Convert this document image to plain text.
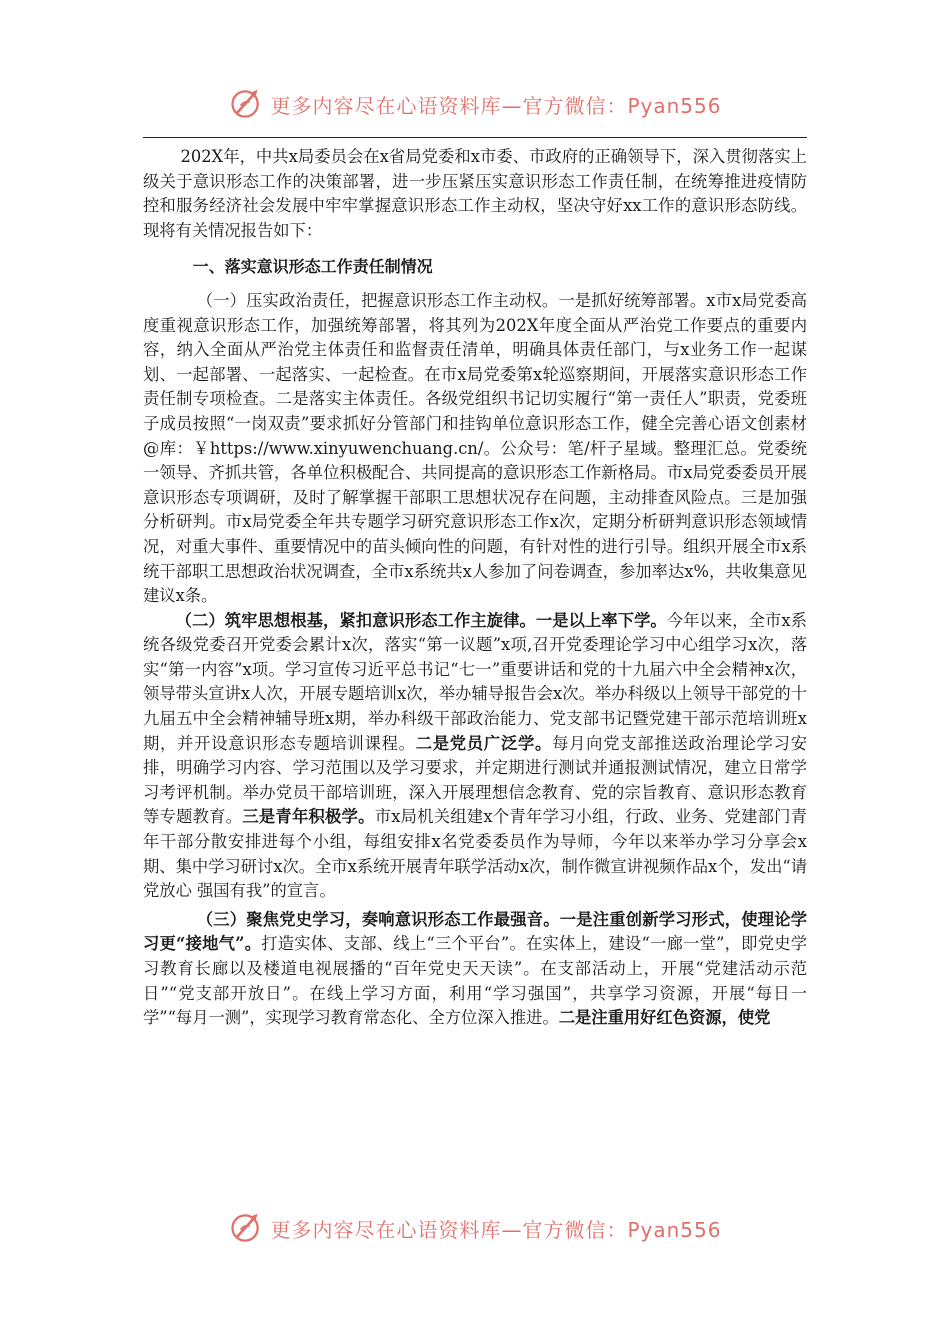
更多内容尽在心语资料库—官方微信：Pyan556

202X年，中共x局委员会在x省局党委和x市委、市政府的正确领导下，深入贯彻落实上级关于意识形态工作的决策部署，进一步压紧压实意识形态工作责任制，在统筹推进疫情防控和服务经济社会发展中牢牢掌握意识形态工作主动权，坚决守好xx工作的意识形态防线。现将有关情况报告如下：

一、落实意识形态工作责任制情况

（一）压实政治责任，把握意识形态工作主动权。一是抓好统筹部署。x市x局党委高度重视意识形态工作，加强统筹部署，将其列为202X年度全面从严治党工作要点的重要内容，纳入全面从严治党主体责任和监督责任清单，明确具体责任部门，与x业务工作一起谋划、一起部署、一起落实、一起检查。在市x局党委第x轮巡察期间，开展落实意识形态工作责任制专项检查。二是落实主体责任。各级党组织书记切实履行“第一责任人”职责，党委班子成员按照“一岗双责”要求抓好分管部门和挂钩单位意识形态工作，健全完善心语文创素材@库：￥https://www.xinyuwenchuang.cn/。公众号：笔/杆子星域。整理汇总。党委统一领导、齐抓共管，各单位积极配合、共同提高的意识形态工作新格局。市x局党委委员开展意识形态专项调研，及时了解掌握干部职工思想状况存在问题，主动排查风险点。三是加强分析研判。市x局党委全年共专题学习研究意识形态工作x次，定期分析研判意识形态领域情况，对重大事件、重要情况中的苗头倾向性的问题，有针对性的进行引导。组织开展全市x系统干部职工思想政治状况调查，全市x系统共x人参加了问卷调查，参加率达x%，共收集意见建议x条。

（二）筑牢思想根基，紧扣意识形态工作主旋律。一是以上率下学。今年以来，全市x系统各级党委召开党委会累计x次，落实“第一议题”x项,召开党委理论学习中心组学习x次，落实“第一内容”x项。学习宣传习近平总书记“七一”重要讲话和党的十九届六中全会精神x次，领导带头宣讲x人次，开展专题培训x次，举办辅导报告会x次。举办科级以上领导干部党的十九届五中全会精神辅导班x期，举办科级干部政治能力、党支部书记暨党建干部示范培训班x期，并开设意识形态专题培训课程。二是党员广泛学。每月向党支部推送政治理论学习安排，明确学习内容、学习范围以及学习要求，并定期进行测试并通报测试情况，建立日常学习考评机制。举办党员干部培训班，深入开展理想信念教育、党的宗旨教育、意识形态教育等专题教育。三是青年积极学。市x局机关组建x个青年学习小组，行政、业务、党建部门青年干部分散安排进每个小组，每组安排x名党委委员作为导师，今年以来举办学习分享会x期、集中学习研讨x次。全市x系统开展青年联学活动x次，制作微宣讲视频作品x个，发出“请党放心 强国有我”的宣言。

（三）聚焦党史学习，奏响意识形态工作最强音。一是注重创新学习形式，使理论学习更“接地气”。打造实体、支部、线上“三个平台”。在实体上，建设“一廊一堂”，即党史学习教育长廊以及楼道电视展播的“百年党史天天读”。在支部活动上，开展“党建活动示范日”“党支部开放日”。在线上学习方面，利用“学习强国”，共享学习资源，开展“每日一学”“每月一测”，实现学习教育常态化、全方位深入推进。二是注重用好红色资源，使党

更多内容尽在心语资料库—官方微信：Pyan556
